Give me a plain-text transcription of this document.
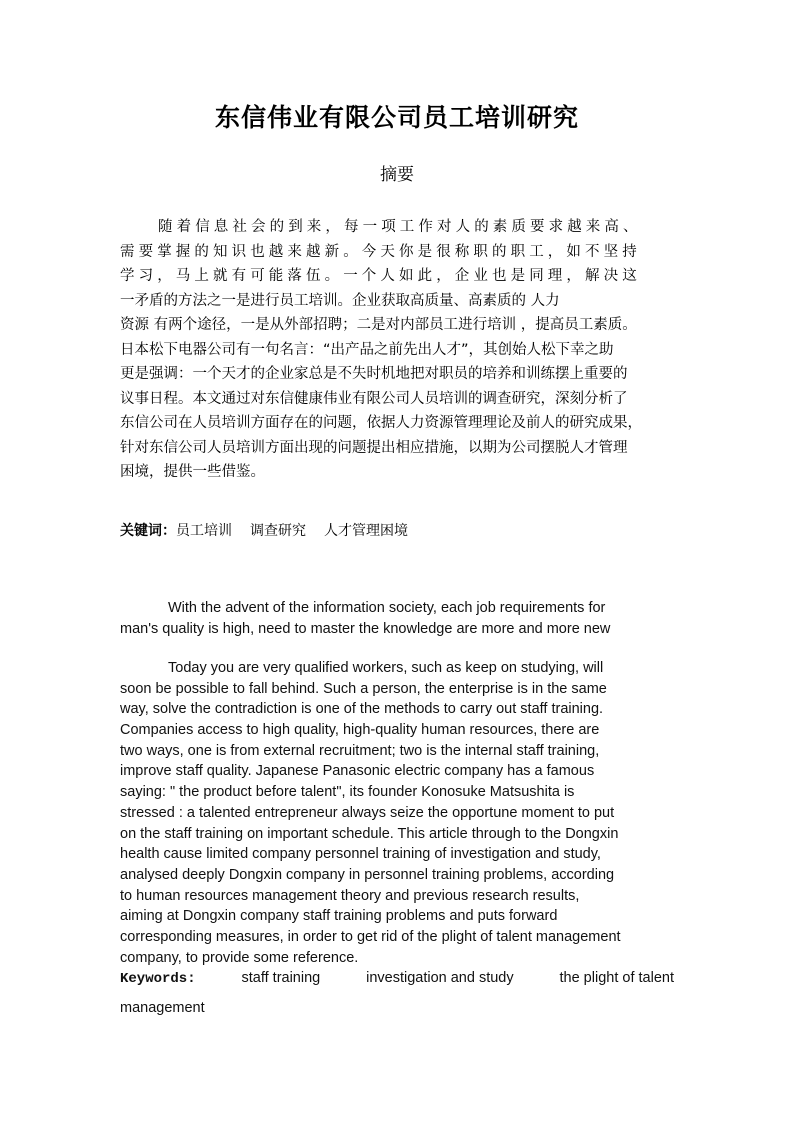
东信伟业有限公司员工培训研究
摘要
随着信息社会的到来，每一项工作对人的素质要求越来高、
需要掌握的知识也越来越新。今天你是很称职的职工，如不坚持
学习，马上就有可能落伍。一个人如此，企业也是同理，解决这
一矛盾的方法之一是进行员工培训。企业获取高质量、高素质的 人力
资源 有两个途径，一是从外部招聘；二是对内部员工进行培训 ，提高员工素质。
日本松下电器公司有一句名言：“出产品之前先出人才”，其创始人松下幸之助
更是强调：一个天才的企业家总是不失时机地把对职员的培养和训练摆上重要的
议事日程。本文通过对东信健康伟业有限公司人员培训的调查研究，深刻分析了
东信公司在人员培训方面存在的问题，依据人力资源管理理论及前人的研究成果，
针对东信公司人员培训方面出现的问题提出相应措施，以期为公司摆脱人才管理
困境，提供一些借鉴。
关键词：员工培训 调查研究 人才管理困境
With the advent of the information society, each job requirements for
man's quality is high, need to master the knowledge are more and more new
Today you are very qualified workers, such as keep on studying, will
soon be possible to fall behind. Such a person, the enterprise is in the same
way, solve the contradiction is one of the methods to carry out staff training.
Companies access to high quality, high-quality human resources, there are
two ways, one is from external recruitment; two is the internal staff training,
improve staff quality. Japanese Panasonic electric company has a famous
saying: " the product before talent", its founder Konosuke Matsushita is
stressed : a talented entrepreneur always seize the opportune moment to put
on the staff training on important schedule. This article through to the Dongxin
health cause limited company personnel training of investigation and study,
analysed deeply Dongxin company in personnel training problems, according
to human resources management theory and previous research results,
aiming at Dongxin company staff training problems and puts forward
corresponding measures, in order to get rid of the plight of talent management
company, to provide some reference.
Keywords:	staff training	investigation and study	the plight of talent
management
